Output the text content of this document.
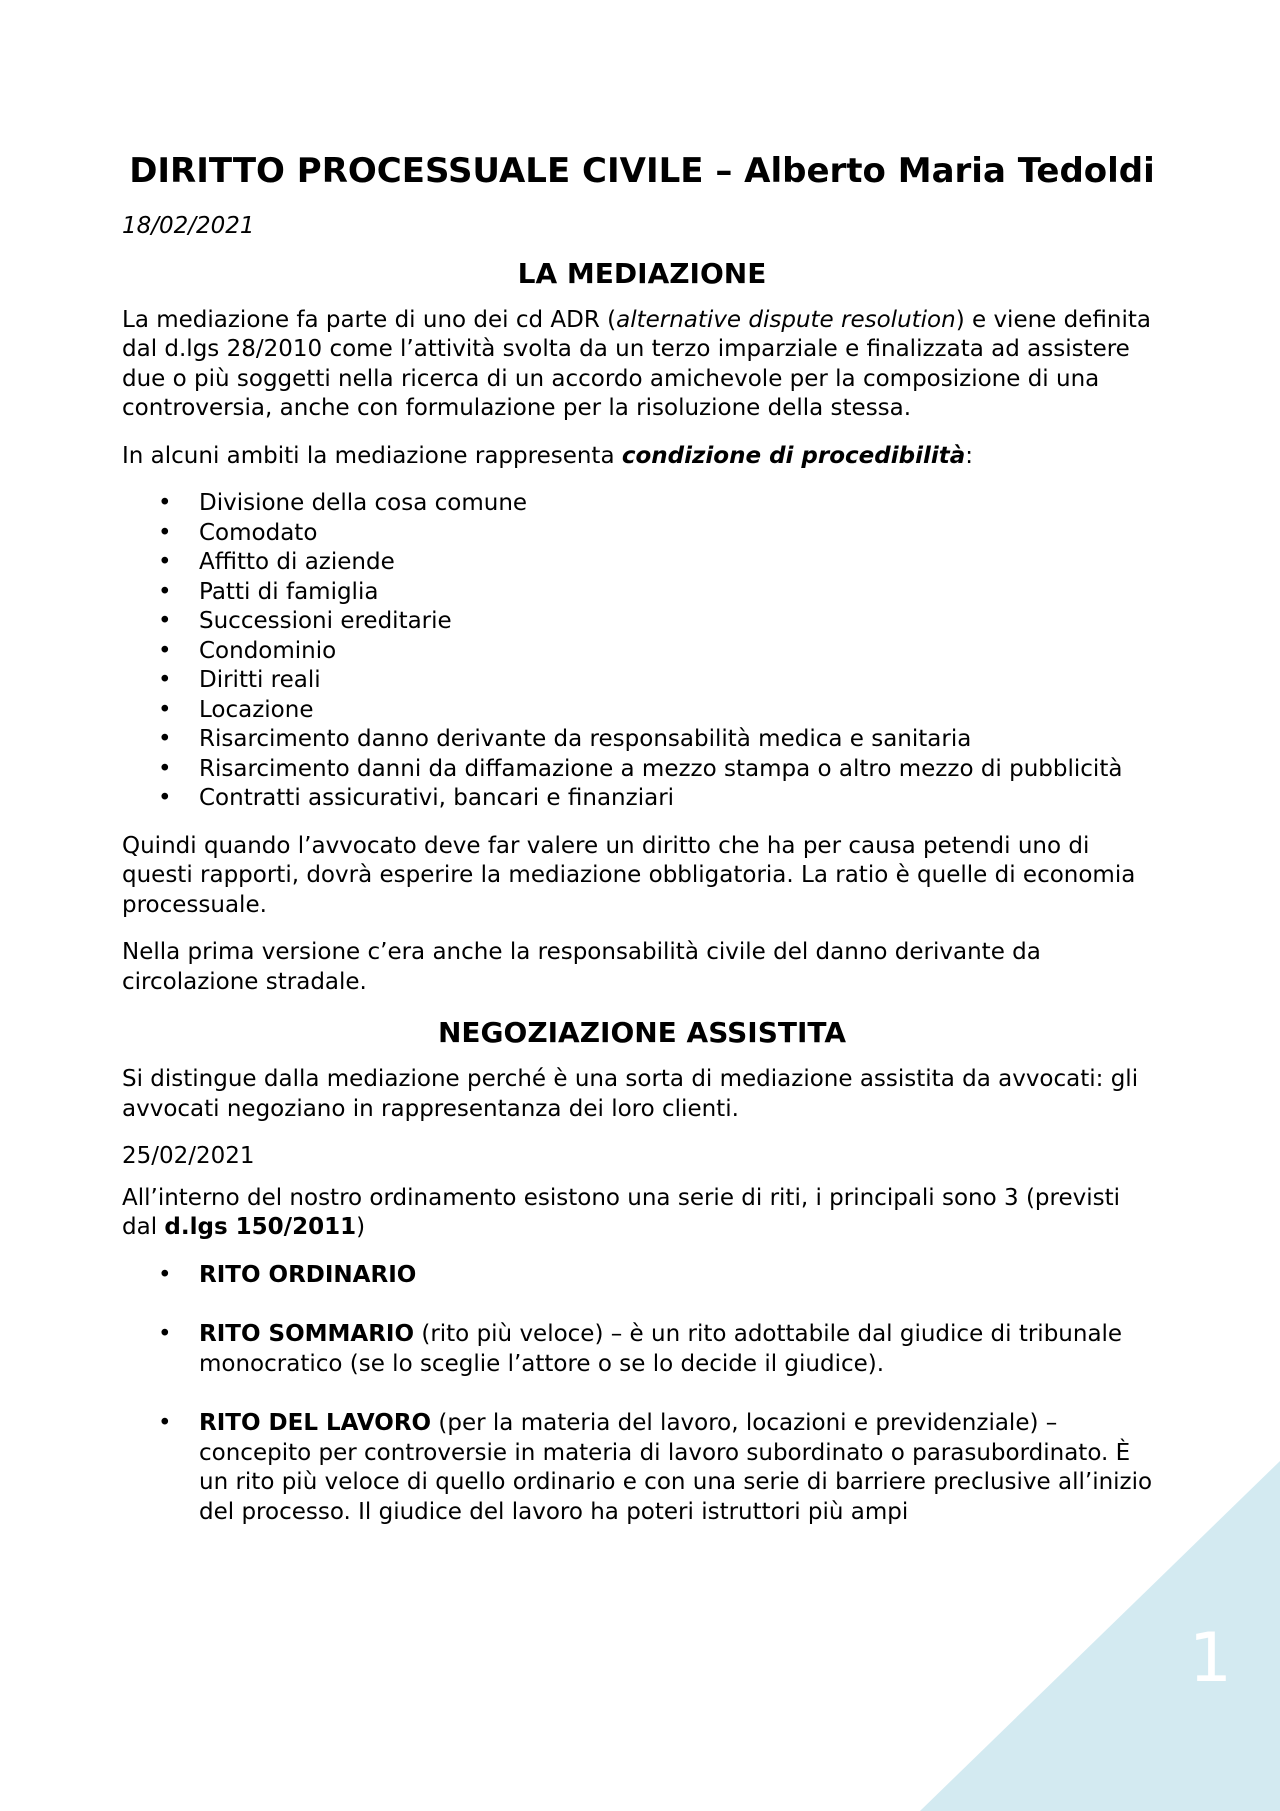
1
DIRITTO PROCESSUALE CIVILE – Alberto Maria Tedoldi

18/02/2021

LA MEDIAZIONE

La mediazione fa parte di uno dei cd ADR (alternative dispute resolution) e viene definita dal d.lgs 28/2010 come l’attività svolta da un terzo imparziale e finalizzata ad assistere due o più soggetti nella ricerca di un accordo amichevole per la composizione di una controversia, anche con formulazione per la risoluzione della stessa.

In alcuni ambiti la mediazione rappresenta condizione di procedibilità:

• Divisione della cosa comune
• Comodato
• Affitto di aziende
• Patti di famiglia
• Successioni ereditarie
• Condominio
• Diritti reali
• Locazione
• Risarcimento danno derivante da responsabilità medica e sanitaria
• Risarcimento danni da diffamazione a mezzo stampa o altro mezzo di pubblicità
• Contratti assicurativi, bancari e finanziari

Quindi quando l’avvocato deve far valere un diritto che ha per causa petendi uno di questi rapporti, dovrà esperire la mediazione obbligatoria. La ratio è quelle di economia processuale.

Nella prima versione c’era anche la responsabilità civile del danno derivante da circolazione stradale.

NEGOZIAZIONE ASSISTITA

Si distingue dalla mediazione perché è una sorta di mediazione assistita da avvocati: gli avvocati negoziano in rappresentanza dei loro clienti.

25/02/2021

All’interno del nostro ordinamento esistono una serie di riti, i principali sono 3 (previsti dal d.lgs 150/2011)

• RITO ORDINARIO
• RITO SOMMARIO (rito più veloce) – è un rito adottabile dal giudice di tribunale monocratico (se lo sceglie l’attore o se lo decide il giudice).
• RITO DEL LAVORO (per la materia del lavoro, locazioni e previdenziale) – concepito per controversie in materia di lavoro subordinato o parasubordinato. È un rito più veloce di quello ordinario e con una serie di barriere preclusive all’inizio del processo. Il giudice del lavoro ha poteri istruttori più ampi
